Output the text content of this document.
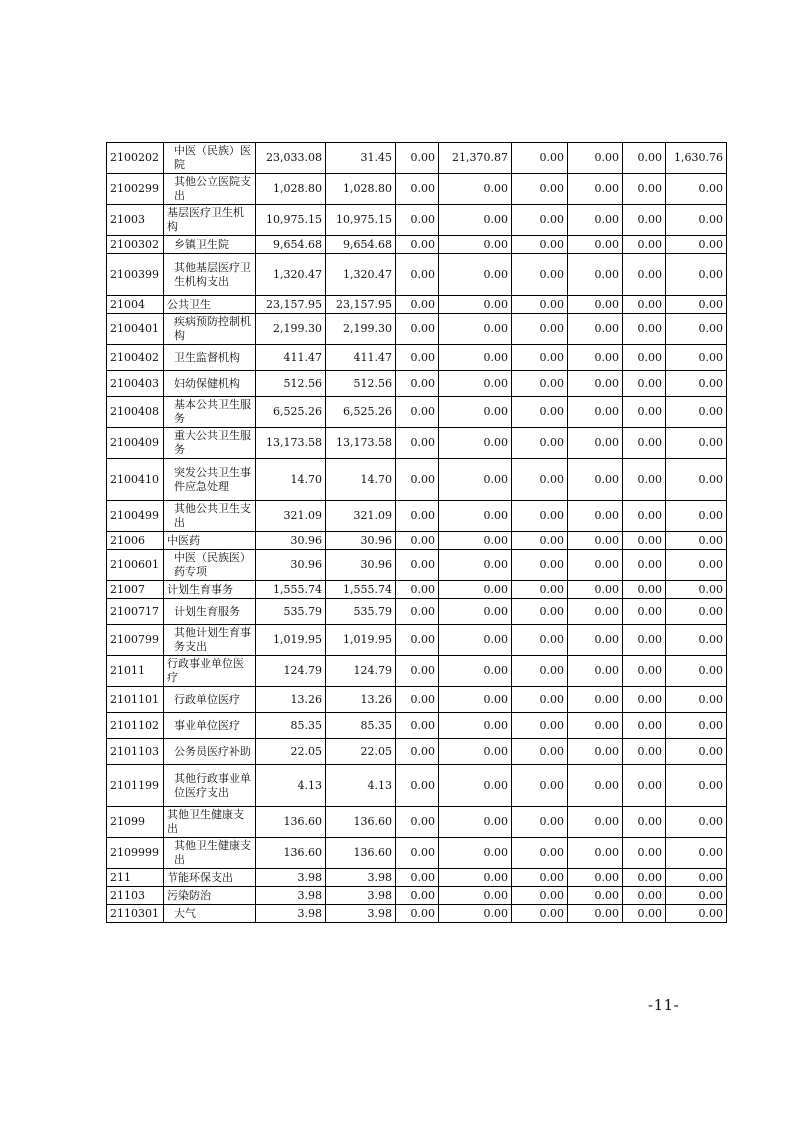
2100202	中医（民族）医院	23,033.08	31.45	0.00	21,370.87	0.00	0.00	0.00	1,630.76
2100299	其他公立医院支出	1,028.80	1,028.80	0.00	0.00	0.00	0.00	0.00	0.00
21003	基层医疗卫生机构	10,975.15	10,975.15	0.00	0.00	0.00	0.00	0.00	0.00
2100302	乡镇卫生院	9,654.68	9,654.68	0.00	0.00	0.00	0.00	0.00	0.00
2100399	其他基层医疗卫生机构支出	1,320.47	1,320.47	0.00	0.00	0.00	0.00	0.00	0.00
21004	公共卫生	23,157.95	23,157.95	0.00	0.00	0.00	0.00	0.00	0.00
2100401	疾病预防控制机构	2,199.30	2,199.30	0.00	0.00	0.00	0.00	0.00	0.00
2100402	卫生监督机构	411.47	411.47	0.00	0.00	0.00	0.00	0.00	0.00
2100403	妇幼保健机构	512.56	512.56	0.00	0.00	0.00	0.00	0.00	0.00
2100408	基本公共卫生服务	6,525.26	6,525.26	0.00	0.00	0.00	0.00	0.00	0.00
2100409	重大公共卫生服务	13,173.58	13,173.58	0.00	0.00	0.00	0.00	0.00	0.00
2100410	突发公共卫生事件应急处理	14.70	14.70	0.00	0.00	0.00	0.00	0.00	0.00
2100499	其他公共卫生支出	321.09	321.09	0.00	0.00	0.00	0.00	0.00	0.00
21006	中医药	30.96	30.96	0.00	0.00	0.00	0.00	0.00	0.00
2100601	中医（民族医）药专项	30.96	30.96	0.00	0.00	0.00	0.00	0.00	0.00
21007	计划生育事务	1,555.74	1,555.74	0.00	0.00	0.00	0.00	0.00	0.00
2100717	计划生育服务	535.79	535.79	0.00	0.00	0.00	0.00	0.00	0.00
2100799	其他计划生育事务支出	1,019.95	1,019.95	0.00	0.00	0.00	0.00	0.00	0.00
21011	行政事业单位医疗	124.79	124.79	0.00	0.00	0.00	0.00	0.00	0.00
2101101	行政单位医疗	13.26	13.26	0.00	0.00	0.00	0.00	0.00	0.00
2101102	事业单位医疗	85.35	85.35	0.00	0.00	0.00	0.00	0.00	0.00
2101103	公务员医疗补助	22.05	22.05	0.00	0.00	0.00	0.00	0.00	0.00
2101199	其他行政事业单位医疗支出	4.13	4.13	0.00	0.00	0.00	0.00	0.00	0.00
21099	其他卫生健康支出	136.60	136.60	0.00	0.00	0.00	0.00	0.00	0.00
2109999	其他卫生健康支出	136.60	136.60	0.00	0.00	0.00	0.00	0.00	0.00
211	节能环保支出	3.98	3.98	0.00	0.00	0.00	0.00	0.00	0.00
21103	污染防治	3.98	3.98	0.00	0.00	0.00	0.00	0.00	0.00
2110301	大气	3.98	3.98	0.00	0.00	0.00	0.00	0.00	0.00
-11-
